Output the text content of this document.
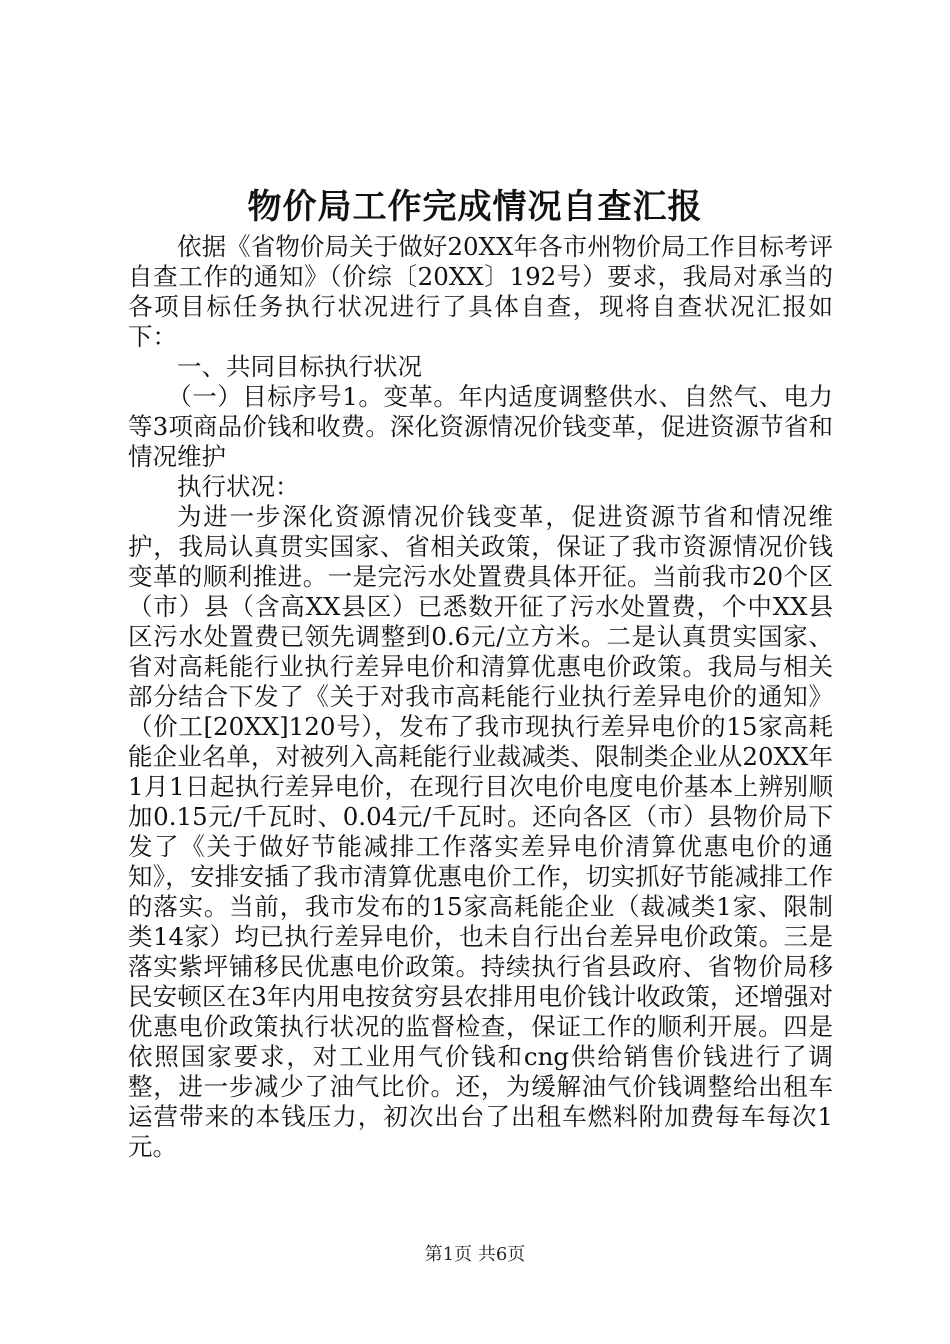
物价局工作完成情况自查汇报

依据《省物价局关于做好20XX年各市州物价局工作目标考评自查工作的通知》（价综〔20XX〕192号）要求，我局对承当的各项目标任务执行状况进行了具体自查，现将自查状况汇报如下：

一、共同目标执行状况

（一）目标序号1。变革。年内适度调整供水、自然气、电力等3项商品价钱和收费。深化资源情况价钱变革，促进资源节省和情况维护

执行状况：

为进一步深化资源情况价钱变革，促进资源节省和情况维护，我局认真贯实国家、省相关政策，保证了我市资源情况价钱变革的顺利推进。一是完污水处置费具体开征。当前我市20个区（市）县（含高XX县区）已悉数开征了污水处置费，个中XX县区污水处置费已领先调整到0.6元/立方米。二是认真贯实国家、省对高耗能行业执行差异电价和清算优惠电价政策。我局与相关部分结合下发了《关于对我市高耗能行业执行差异电价的通知》（价工[20XX]120号），发布了我市现执行差异电价的15家高耗能企业名单，对被列入高耗能行业裁减类、限制类企业从20XX年1月1日起执行差异电价，在现行目次电价电度电价基本上辨别顺加0.15元/千瓦时、0.04元/千瓦时。还向各区（市）县物价局下发了《关于做好节能减排工作落实差异电价清算优惠电价的通知》，安排安插了我市清算优惠电价工作，切实抓好节能减排工作的落实。当前，我市发布的15家高耗能企业（裁减类1家、限制类14家）均已执行差异电价，也未自行出台差异电价政策。三是落实紫坪铺移民优惠电价政策。持续执行省县政府、省物价局移民安顿区在3年内用电按贫穷县农排用电价钱计收政策，还增强对优惠电价政策执行状况的监督检查，保证工作的顺利开展。四是依照国家要求，对工业用气价钱和cng供给销售价钱进行了调整，进一步减少了油气比价。还，为缓解油气价钱调整给出租车运营带来的本钱压力，初次出台了出租车燃料附加费每车每次1元。

第1页 共6页
